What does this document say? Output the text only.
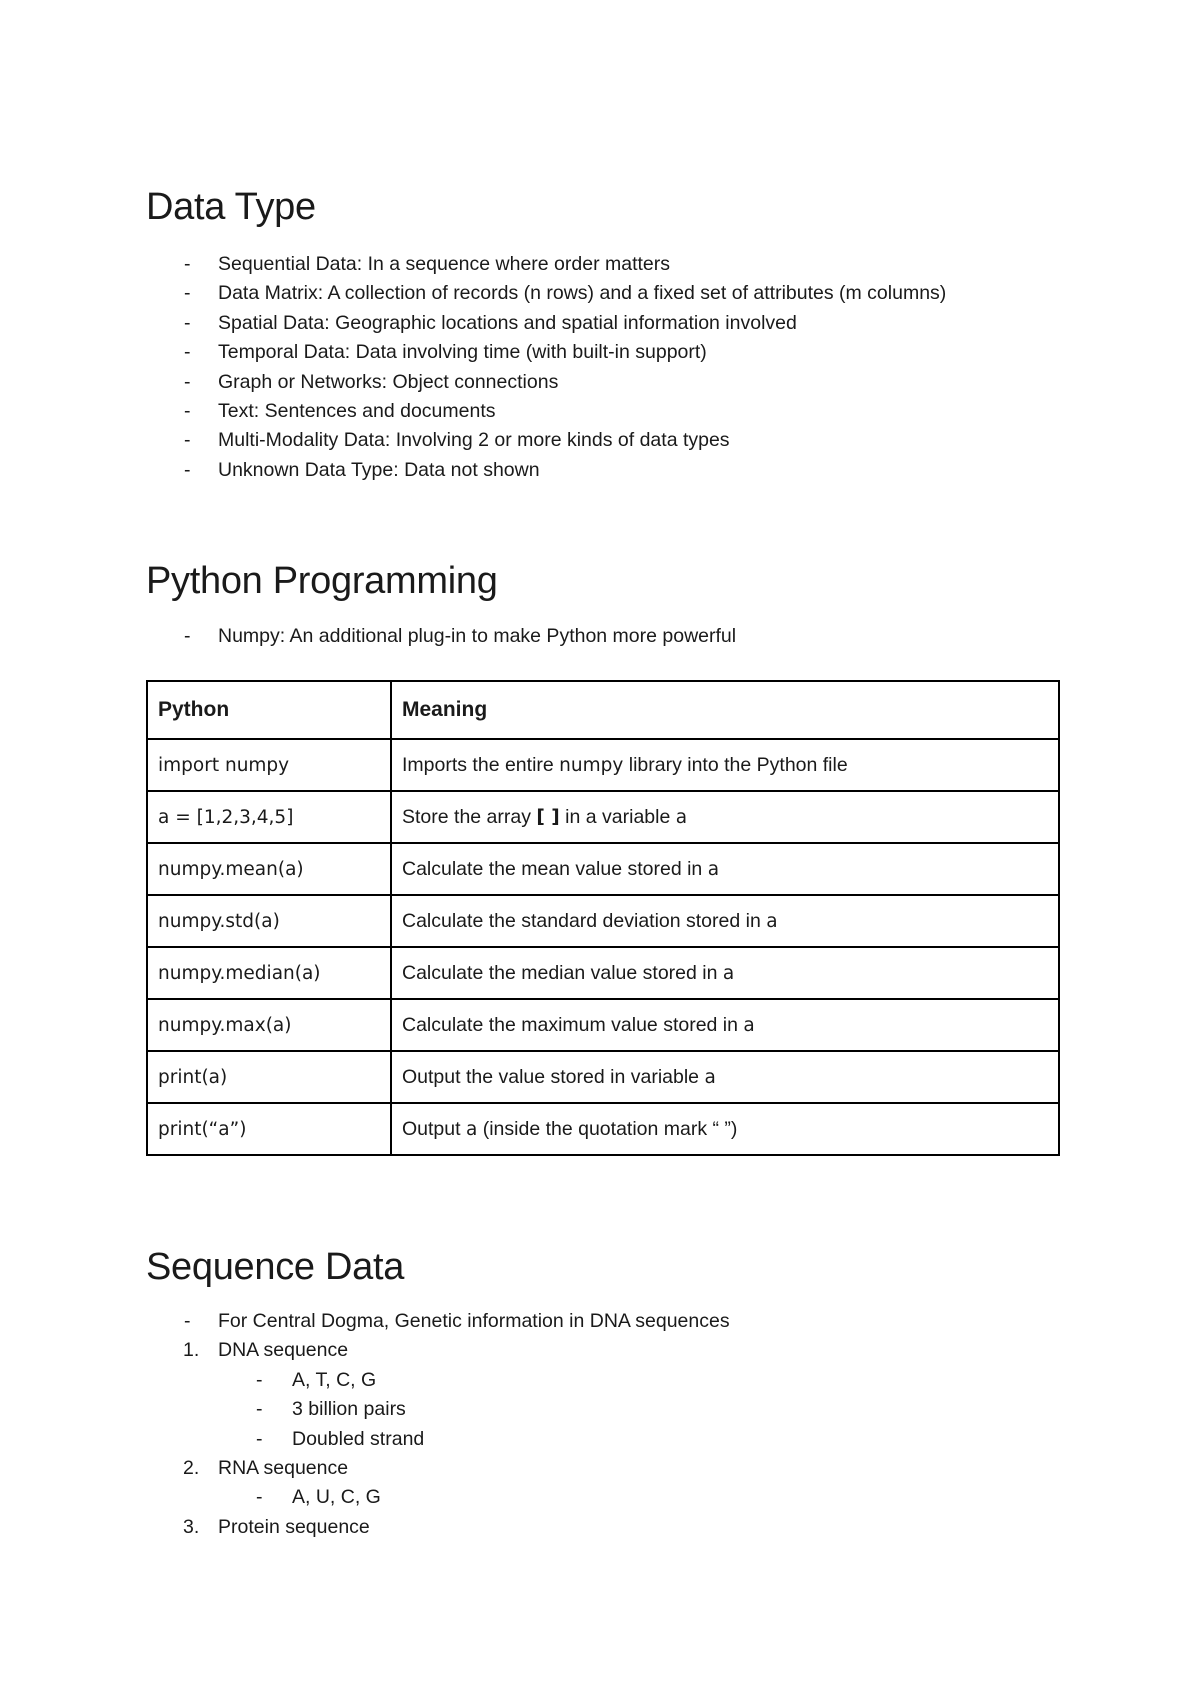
Data Type
- Sequential Data: In a sequence where order matters
- Data Matrix: A collection of records (n rows) and a fixed set of attributes (m columns)
- Spatial Data: Geographic locations and spatial information involved
- Temporal Data: Data involving time (with built-in support)
- Graph or Networks: Object connections
- Text: Sentences and documents
- Multi-Modality Data: Involving 2 or more kinds of data types
- Unknown Data Type: Data not shown
Python Programming
- Numpy: An additional plug-in to make Python more powerful
Python	Meaning
import numpy	Imports the entire numpy library into the Python file
a = [1,2,3,4,5]	Store the array [ ] in a variable a
numpy.mean(a)	Calculate the mean value stored in a
numpy.std(a)	Calculate the standard deviation stored in a
numpy.median(a)	Calculate the median value stored in a
numpy.max(a)	Calculate the maximum value stored in a
print(a)	Output the value stored in variable a
print(“a”)	Output a (inside the quotation mark “ ”)
Sequence Data
- For Central Dogma, Genetic information in DNA sequences
1. DNA sequence
- A, T, C, G
- 3 billion pairs
- Doubled strand
2. RNA sequence
- A, U, C, G
3. Protein sequence
